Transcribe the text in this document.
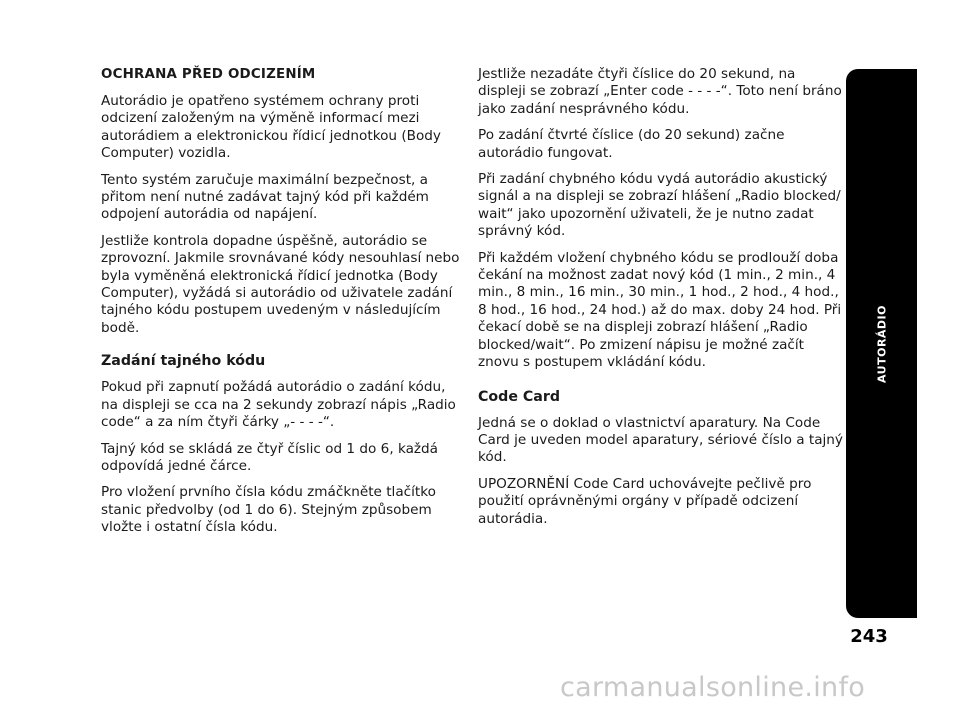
OCHRANA PŘED ODCIZENÍM

Autorádio je opatřeno systémem ochrany proti odcizení založeným na výměně informací mezi autorádiem a elektronickou řídicí jednotkou (Body Computer) vozidla.

Tento systém zaručuje maximální bezpečnost, a přitom není nutné zadávat tajný kód při každém odpojení autorádia od napájení.

Jestliže kontrola dopadne úspěšně, autorádio se zprovozní. Jakmile srovnávané kódy nesouhlasí nebo byla vyměněná elektronická řídicí jednotka (Body Computer), vyžádá si autorádio od uživatele zadání tajného kódu postupem uvedeným v následujícím bodě.

Zadání tajného kódu

Pokud při zapnutí požádá autorádio o zadání kódu, na displeji se cca na 2 sekundy zobrazí nápis „Radio code“ a za ním čtyři čárky „- - - -“.

Tajný kód se skládá ze čtyř číslic od 1 do 6, každá odpovídá jedné čárce.

Pro vložení prvního čísla kódu zmáčkněte tlačítko stanic předvolby (od 1 do 6). Stejným způsobem vložte i ostatní čísla kódu.

Jestliže nezadáte čtyři číslice do 20 sekund, na displeji se zobrazí „Enter code - - - -“. Toto není bráno jako zadání nesprávného kódu.

Po zadání čtvrté číslice (do 20 sekund) začne autorádio fungovat.

Při zadání chybného kódu vydá autorádio akustický signál a na displeji se zobrazí hlášení „Radio blocked/ wait“ jako upozornění uživateli, že je nutno zadat správný kód.

Při každém vložení chybného kódu se prodlouží doba čekání na možnost zadat nový kód (1 min., 2 min., 4 min., 8 min., 16 min., 30 min., 1 hod., 2 hod., 4 hod., 8 hod., 16 hod., 24 hod.) až do max. doby 24 hod. Při čekací době se na displeji zobrazí hlášení „Radio blocked/wait“. Po zmizení nápisu je možné začít znovu s postupem vkládání kódu.

Code Card

Jedná se o doklad o vlastnictví aparatury. Na Code Card je uveden model aparatury, sériové číslo a tajný kód.

UPOZORNĚNÍ Code Card uchovávejte pečlivě pro použití oprávněnými orgány v případě odcizení autorádia.

AUTORÁDIO
243
carmanualsonline.info
